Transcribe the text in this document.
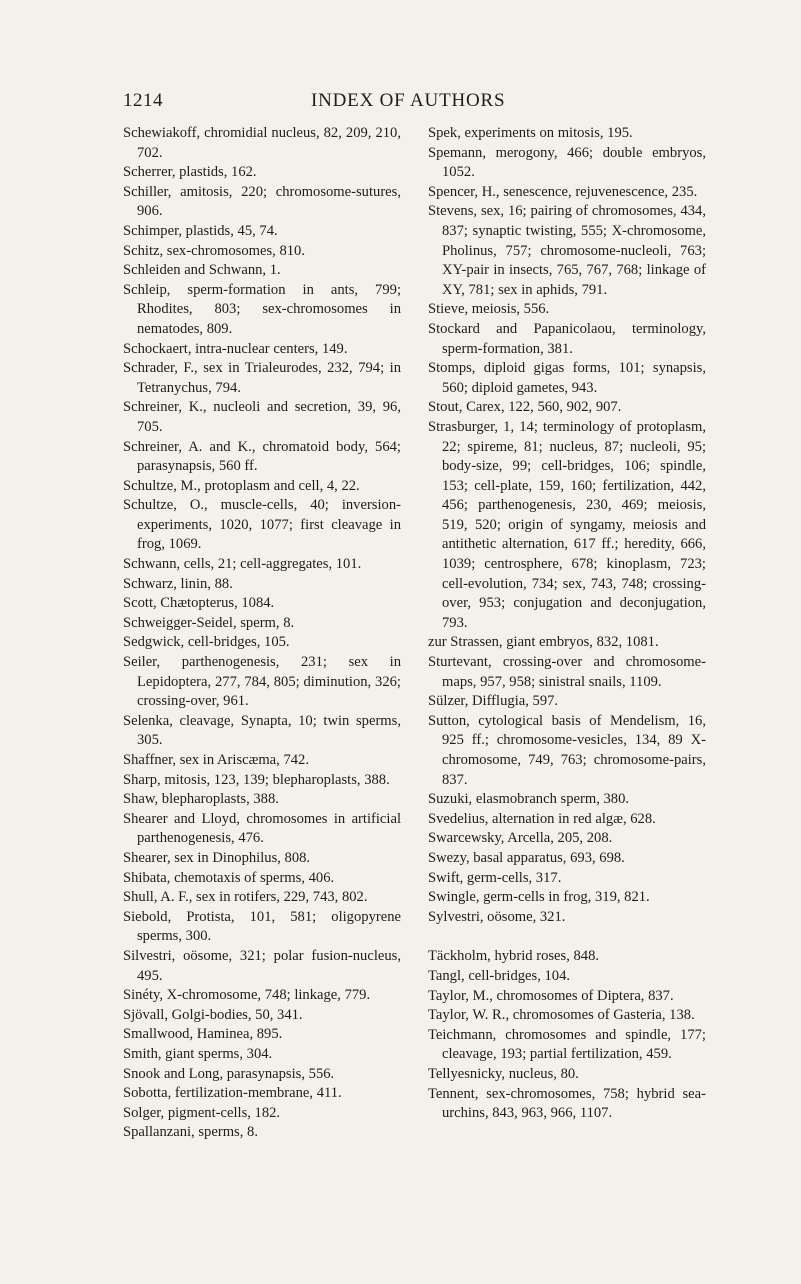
1214	INDEX OF AUTHORS

Schewiakoff, chromidial nucleus, 82, 209, 210, 702.

Scherrer, plastids, 162.

Schiller, amitosis, 220; chromosome-sutures, 906.

Schimper, plastids, 45, 74.

Schitz, sex-chromosomes, 810.

Schleiden and Schwann, 1.

Schleip, sperm-formation in ants, 799; Rhodites, 803; sex-chromosomes in nematodes, 809.

Schockaert, intra-nuclear centers, 149.

Schrader, F., sex in Trialeurodes, 232, 794; in Tetranychus, 794.

Schreiner, K., nucleoli and secretion, 39, 96, 705.

Schreiner, A. and K., chromatoid body, 564; parasynapsis, 560 ff.

Schultze, M., protoplasm and cell, 4, 22.

Schultze, O., muscle-cells, 40; inversion-experiments, 1020, 1077; first cleavage in frog, 1069.

Schwann, cells, 21; cell-aggregates, 101.

Schwarz, linin, 88.

Scott, Chætopterus, 1084.

Schweigger-Seidel, sperm, 8.

Sedgwick, cell-bridges, 105.

Seiler, parthenogenesis, 231; sex in Lepidoptera, 277, 784, 805; diminution, 326; crossing-over, 961.

Selenka, cleavage, Synapta, 10; twin sperms, 305.

Shaffner, sex in Ariscæma, 742.

Sharp, mitosis, 123, 139; blepharoplasts, 388.

Shaw, blepharoplasts, 388.

Shearer and Lloyd, chromosomes in artificial parthenogenesis, 476.

Shearer, sex in Dinophilus, 808.

Shibata, chemotaxis of sperms, 406.

Shull, A. F., sex in rotifers, 229, 743, 802.

Siebold, Protista, 101, 581; oligopyrene sperms, 300.

Silvestri, oösome, 321; polar fusion-nucleus, 495.

Sinéty, X-chromosome, 748; linkage, 779.

Sjövall, Golgi-bodies, 50, 341.

Smallwood, Haminea, 895.

Smith, giant sperms, 304.

Snook and Long, parasynapsis, 556.

Sobotta, fertilization-membrane, 411.

Solger, pigment-cells, 182.

Spallanzani, sperms, 8.

Spek, experiments on mitosis, 195.

Spemann, merogony, 466; double embryos, 1052.

Spencer, H., senescence, rejuvenescence, 235.

Stevens, sex, 16; pairing of chromosomes, 434, 837; synaptic twisting, 555; X-chromosome, Pholinus, 757; chromosome-nucleoli, 763; XY-pair in insects, 765, 767, 768; linkage of XY, 781; sex in aphids, 791.

Stieve, meiosis, 556.

Stockard and Papanicolaou, terminology, sperm-formation, 381.

Stomps, diploid gigas forms, 101; synapsis, 560; diploid gametes, 943.

Stout, Carex, 122, 560, 902, 907.

Strasburger, 1, 14; terminology of protoplasm, 22; spireme, 81; nucleus, 87; nucleoli, 95; body-size, 99; cell-bridges, 106; spindle, 153; cell-plate, 159, 160; fertilization, 442, 456; parthenogenesis, 230, 469; meiosis, 519, 520; origin of syngamy, meiosis and antithetic alternation, 617 ff.; heredity, 666, 1039; centrosphere, 678; kinoplasm, 723; cell-evolution, 734; sex, 743, 748; crossing-over, 953; conjugation and deconjugation, 793.

zur Strassen, giant embryos, 832, 1081.

Sturtevant, crossing-over and chromosome-maps, 957, 958; sinistral snails, 1109.

Sülzer, Difflugia, 597.

Sutton, cytological basis of Mendelism, 16, 925 ff.; chromosome-vesicles, 134, 89 X-chromosome, 749, 763; chromosome-pairs, 837.

Suzuki, elasmobranch sperm, 380.

Svedelius, alternation in red algæ, 628.

Swarcewsky, Arcella, 205, 208.

Swezy, basal apparatus, 693, 698.

Swift, germ-cells, 317.

Swingle, germ-cells in frog, 319, 821.

Sylvestri, oösome, 321.

Täckholm, hybrid roses, 848.

Tangl, cell-bridges, 104.

Taylor, M., chromosomes of Diptera, 837.

Taylor, W. R., chromosomes of Gasteria, 138.

Teichmann, chromosomes and spindle, 177; cleavage, 193; partial fertilization, 459.

Tellyesnicky, nucleus, 80.

Tennent, sex-chromosomes, 758; hybrid sea-urchins, 843, 963, 966, 1107.
